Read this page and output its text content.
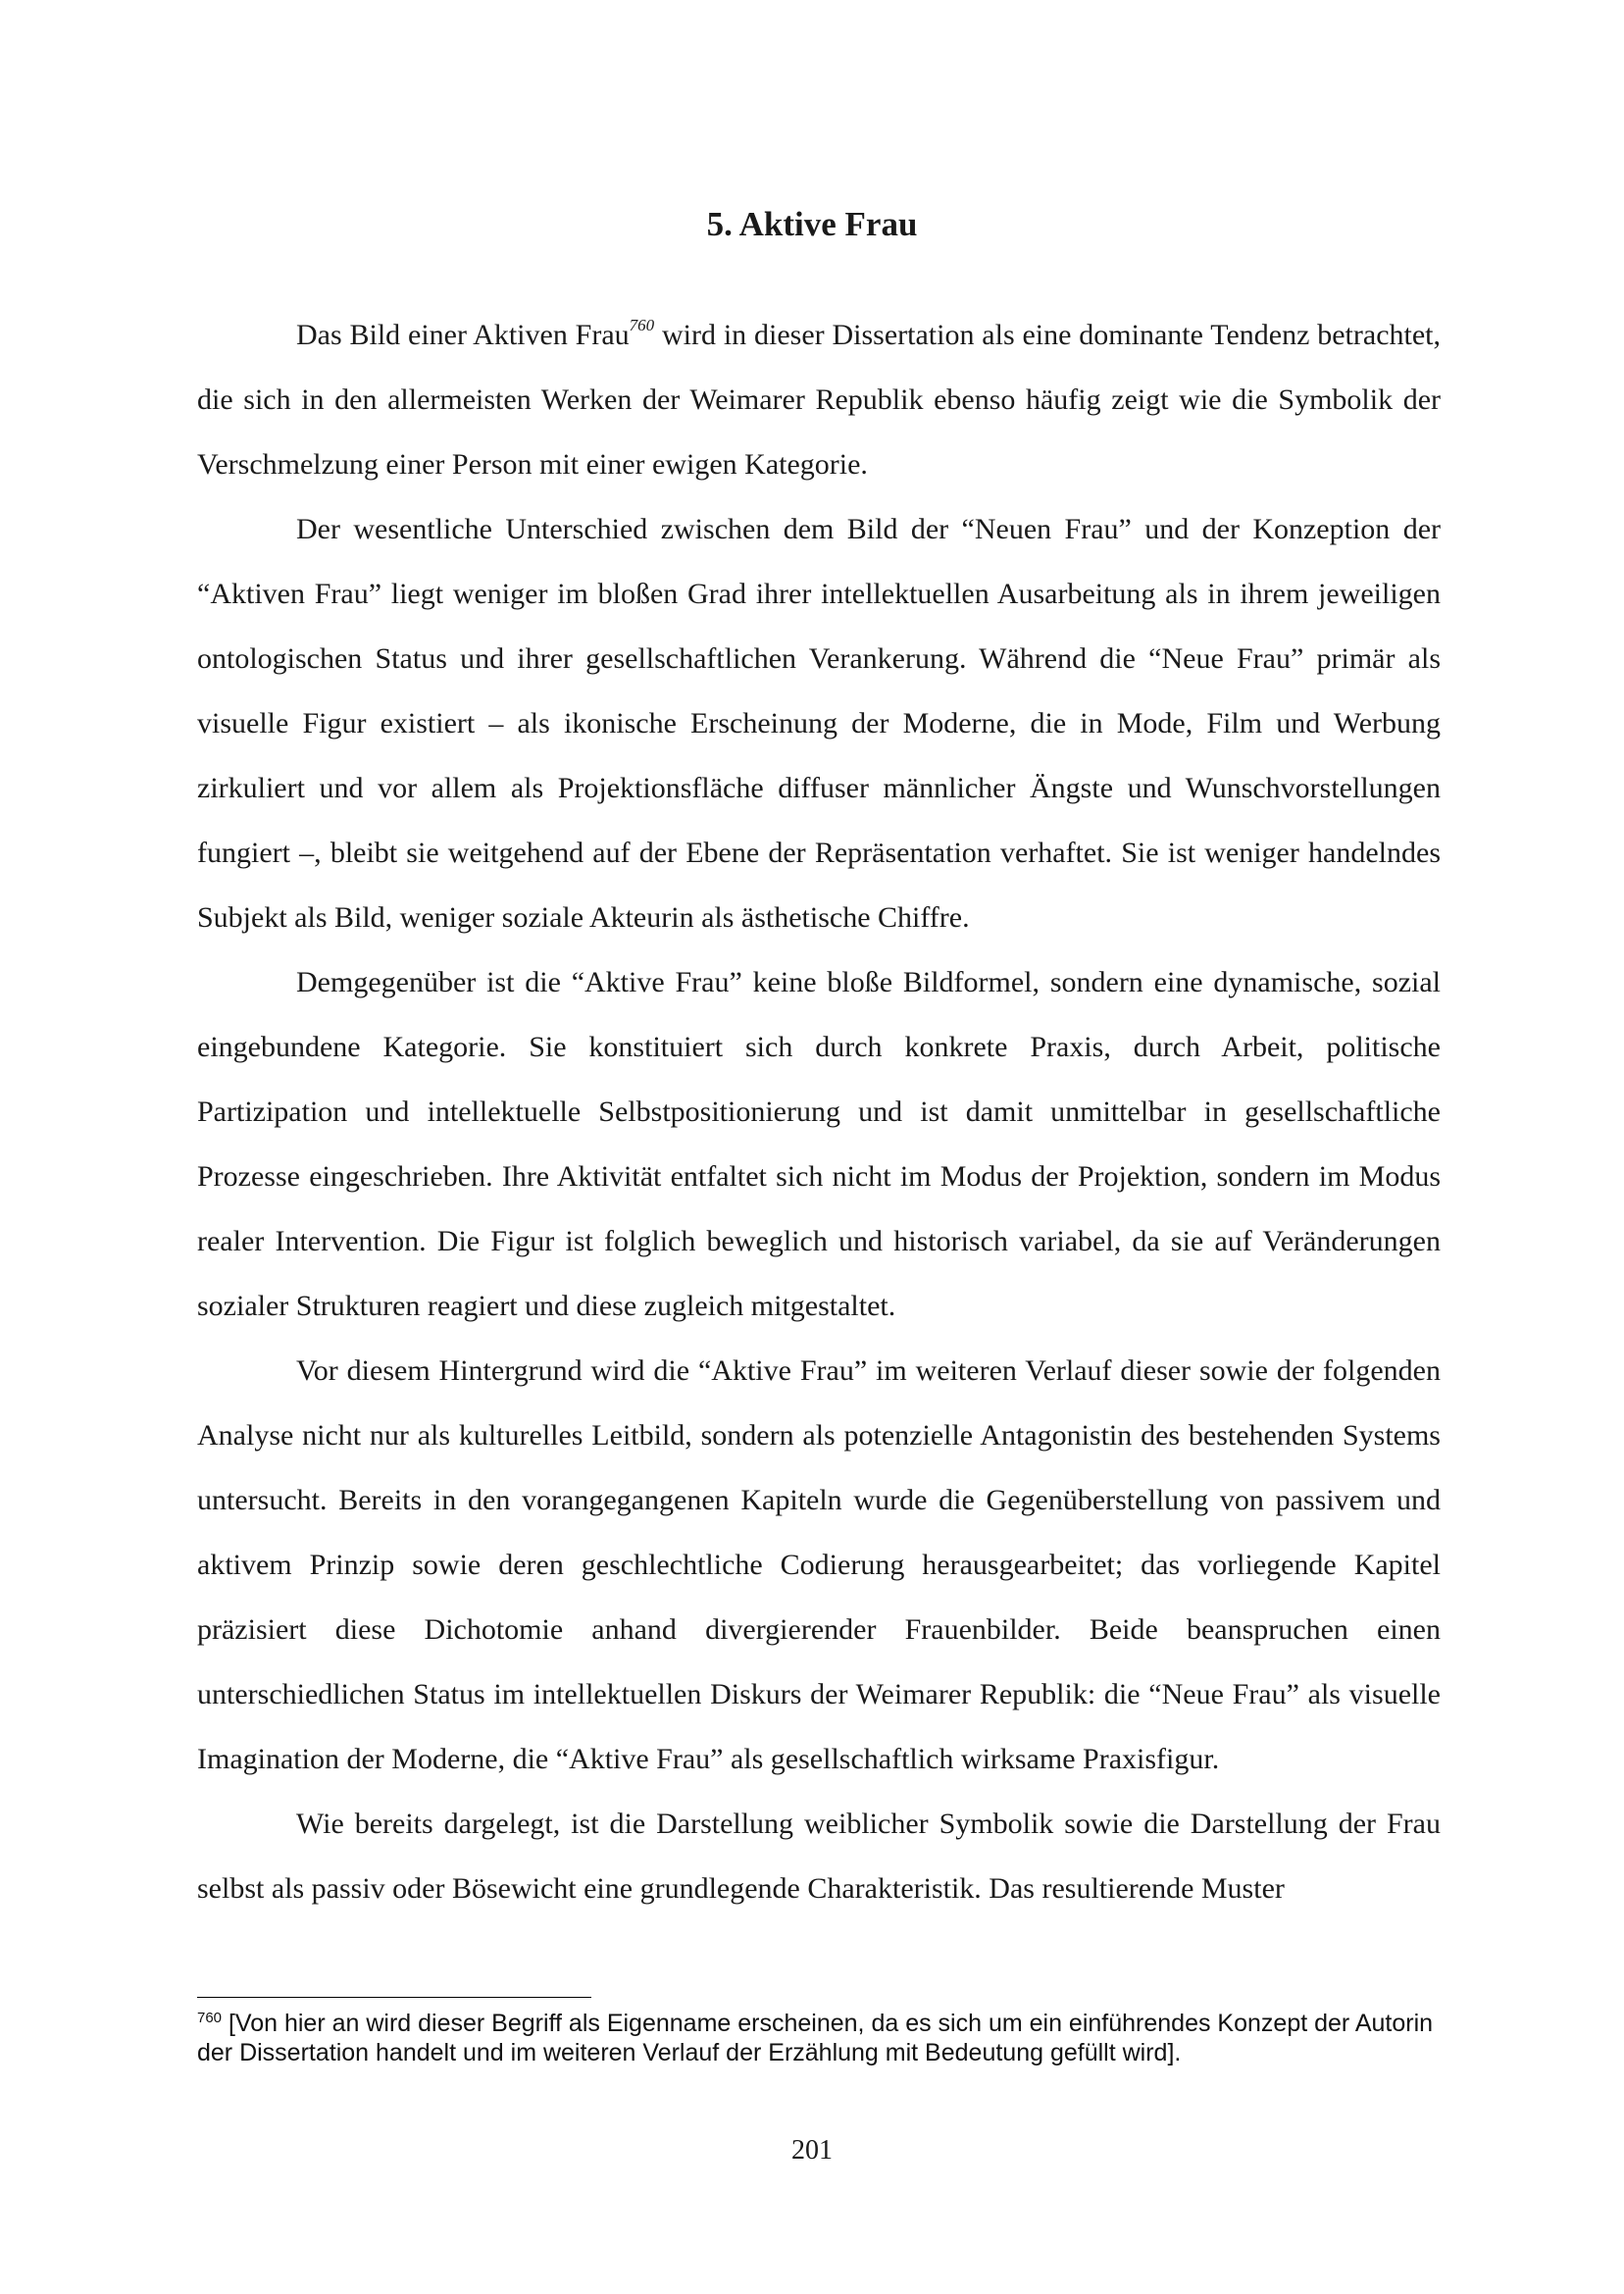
5. Aktive Frau

Das Bild einer Aktiven Frau$^{760}$ wird in dieser Dissertation als eine dominante Tendenz betrachtet, die sich in den allermeisten Werken der Weimarer Republik ebenso häufig zeigt wie die Symbolik der Verschmelzung einer Person mit einer ewigen Kategorie.

Der wesentliche Unterschied zwischen dem Bild der “Neuen Frau” und der Konzeption der “Aktiven Frau” liegt weniger im bloßen Grad ihrer intellektuellen Ausarbeitung als in ihrem jeweiligen ontologischen Status und ihrer gesellschaftlichen Verankerung. Während die “Neue Frau” primär als visuelle Figur existiert – als ikonische Erscheinung der Moderne, die in Mode, Film und Werbung zirkuliert und vor allem als Projektionsfläche diffuser männlicher Ängste und Wunschvorstellungen fungiert –, bleibt sie weitgehend auf der Ebene der Repräsentation verhaftet. Sie ist weniger handelndes Subjekt als Bild, weniger soziale Akteurin als ästhetische Chiffre.

Demgegenüber ist die “Aktive Frau” keine bloße Bildformel, sondern eine dynamische, sozial eingebundene Kategorie. Sie konstituiert sich durch konkrete Praxis, durch Arbeit, politische Partizipation und intellektuelle Selbstpositionierung und ist damit unmittelbar in gesellschaftliche Prozesse eingeschrieben. Ihre Aktivität entfaltet sich nicht im Modus der Projektion, sondern im Modus realer Intervention. Die Figur ist folglich beweglich und historisch variabel, da sie auf Veränderungen sozialer Strukturen reagiert und diese zugleich mitgestaltet.

Vor diesem Hintergrund wird die “Aktive Frau” im weiteren Verlauf dieser sowie der folgenden Analyse nicht nur als kulturelles Leitbild, sondern als potenzielle Antagonistin des bestehenden Systems untersucht. Bereits in den vorangegangenen Kapiteln wurde die Gegenüberstellung von passivem und aktivem Prinzip sowie deren geschlechtliche Codierung herausgearbeitet; das vorliegende Kapitel präzisiert diese Dichotomie anhand divergierender Frauenbilder. Beide beanspruchen einen unterschiedlichen Status im intellektuellen Diskurs der Weimarer Republik: die “Neue Frau” als visuelle Imagination der Moderne, die “Aktive Frau” als gesellschaftlich wirksame Praxisfigur.

Wie bereits dargelegt, ist die Darstellung weiblicher Symbolik sowie die Darstellung der Frau selbst als passiv oder Bösewicht eine grundlegende Charakteristik. Das resultierende Muster

$^{760}$ [Von hier an wird dieser Begriff als Eigenname erscheinen, da es sich um ein einführendes Konzept der Autorin der Dissertation handelt und im weiteren Verlauf der Erzählung mit Bedeutung gefüllt wird].
201
